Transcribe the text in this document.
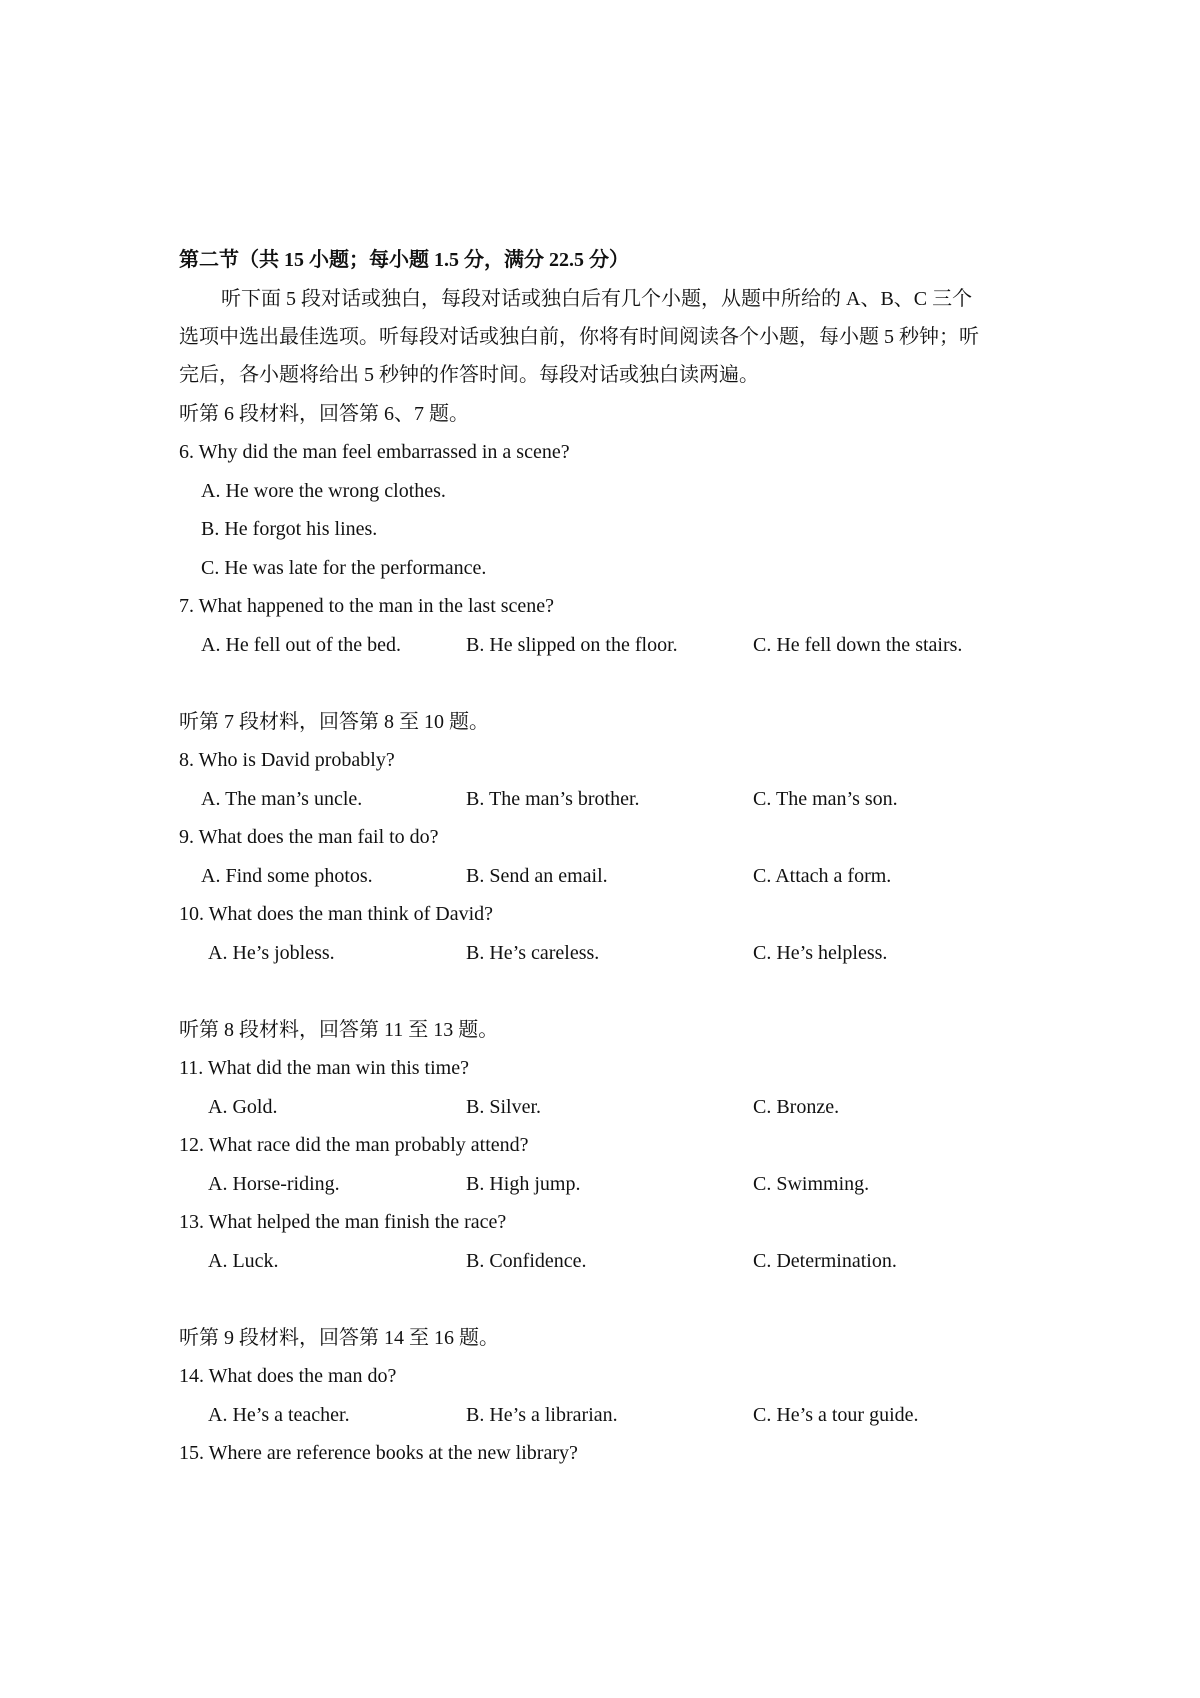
第二节（共 15 小题；每小题 1.5 分，满分 22.5 分）
听下面 5 段对话或独白，每段对话或独白后有几个小题，从题中所给的 A、B、C 三个
选项中选出最佳选项。听每段对话或独白前，你将有时间阅读各个小题，每小题 5 秒钟；听
完后，各小题将给出 5 秒钟的作答时间。每段对话或独白读两遍。
听第 6 段材料，回答第 6、7 题。
6. Why did the man feel embarrassed in a scene?
A. He wore the wrong clothes.
B. He forgot his lines.
C. He was late for the performance.
7. What happened to the man in the last scene?
A. He fell out of the bed.	B. He slipped on the floor.	C. He fell down the stairs.
听第 7 段材料，回答第 8 至 10 题。
8. Who is David probably?
A. The man’s uncle.	B. The man’s brother.	C. The man’s son.
9. What does the man fail to do?
A. Find some photos.	B. Send an email.	C. Attach a form.
10. What does the man think of David?
A. He’s jobless.	B. He’s careless.	C. He’s helpless.
听第 8 段材料，回答第 11 至 13 题。
11. What did the man win this time?
A. Gold.	B. Silver.	C. Bronze.
12. What race did the man probably attend?
A. Horse-riding.	B. High jump.	C. Swimming.
13. What helped the man finish the race?
A. Luck.	B. Confidence.	C. Determination.
听第 9 段材料，回答第 14 至 16 题。
14. What does the man do?
A. He’s a teacher.	B. He’s a librarian.	C. He’s a tour guide.
15. Where are reference books at the new library?
